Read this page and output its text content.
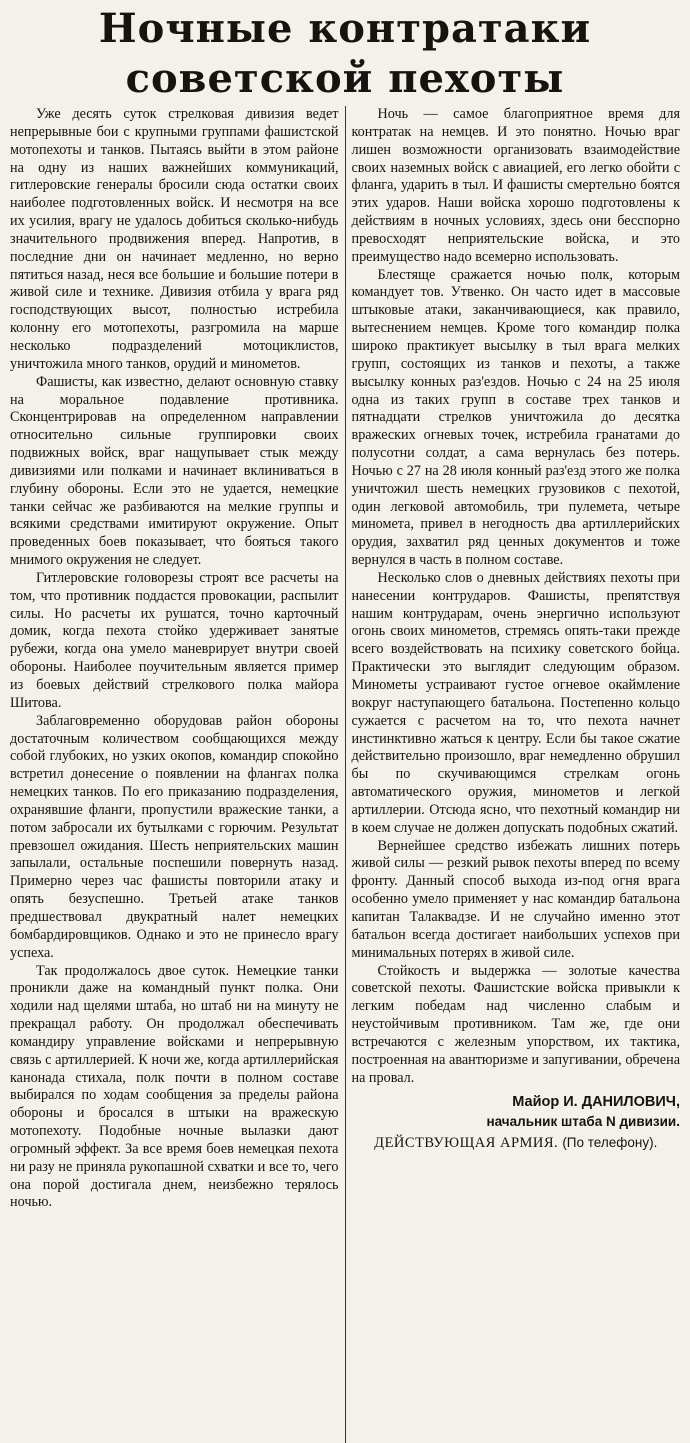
Ночные контратаки
советской пехоты

Уже десять суток стрелковая дивизия ведет непрерывные бои с крупными группами фашистской мотопехоты и танков. Пытаясь выйти в этом районе на одну из наших важнейших коммуникаций, гитлеровские генералы бросили сюда остатки своих наиболее подготовленных войск. И несмотря на все их усилия, врагу не удалось добиться сколько-нибудь значительного продвижения вперед. Напротив, в последние дни он начинает медленно, но верно пятиться назад, неся все большие и большие потери в живой силе и технике. Дивизия отбила у врага ряд господствующих высот, полностью истребила колонну его мотопехоты, разгромила на марше несколько подразделений мотоциклистов, уничтожила много танков, орудий и минометов.

Фашисты, как известно, делают основную ставку на моральное подавление противника. Сконцентрировав на определенном направлении относительно сильные группировки своих подвижных войск, враг нащупывает стык между дивизиями или полками и начинает вклиниваться в глубину обороны. Если это не удается, немецкие танки сейчас же разбиваются на мелкие группы и всякими средствами имитируют окружение. Опыт проведенных боев показывает, что бояться такого мнимого окружения не следует.

Гитлеровские головорезы строят все расчеты на том, что противник поддастся провокации, распылит силы. Но расчеты их рушатся, точно карточный домик, когда пехота стойко удерживает занятые рубежи, когда она умело маневрирует внутри своей обороны. Наиболее поучительным является пример из боевых действий стрелкового полка майора Шитова.

Заблаговременно оборудовав район обороны достаточным количеством сообщающихся между собой глубоких, но узких окопов, командир спокойно встретил донесение о появлении на флангах полка немецких танков. По его приказанию подразделения, охранявшие фланги, пропустили вражеские танки, а потом забросали их бутылками с горючим. Результат превзошел ожидания. Шесть неприятельских машин запылали, остальные поспешили повернуть назад. Примерно через час фашисты повторили атаку и опять безуспешно. Третьей атаке танков предшествовал двукратный налет немецких бомбардировщиков. Однако и это не принесло врагу успеха.

Так продолжалось двое суток. Немецкие танки проникли даже на командный пункт полка. Они ходили над щелями штаба, но штаб ни на минуту не прекращал работу. Он продолжал обеспечивать командиру управление войсками и непрерывную связь с артиллерией. К ночи же, когда артиллерийская канонада стихала, полк почти в полном составе выбирался по ходам сообщения за пределы района обороны и бросался в штыки на вражескую мотопехоту. Подобные ночные вылазки дают огромный эффект. За все время боев немецкая пехота ни разу не приняла рукопашной схватки и все то, чего она порой достигала днем, неизбежно терялось ночью.

Ночь — самое благоприятное время для контратак на немцев. И это понятно. Ночью враг лишен возможности организовать взаимодействие своих наземных войск с авиацией, его легко обойти с фланга, ударить в тыл. И фашисты смертельно боятся этих ударов. Наши войска хорошо подготовлены к действиям в ночных условиях, здесь они бесспорно превосходят неприятельские войска, и это преимущество надо всемерно использовать.

Блестяще сражается ночью полк, которым командует тов. Утвенко. Он часто идет в массовые штыковые атаки, заканчивающиеся, как правило, вытеснением немцев. Кроме того командир полка широко практикует высылку в тыл врага мелких групп, состоящих из танков и пехоты, а также высылку конных раз'ездов. Ночью с 24 на 25 июля одна из таких групп в составе трех танков и пятнадцати стрелков уничтожила до десятка вражеских огневых точек, истребила гранатами до полусотни солдат, а сама вернулась без потерь. Ночью с 27 на 28 июля конный раз'езд этого же полка уничтожил шесть немецких грузовиков с пехотой, один легковой автомобиль, три пулемета, четыре миномета, привел в негодность два артиллерийских орудия, захватил ряд ценных документов и тоже вернулся в часть в полном составе.

Несколько слов о дневных действиях пехоты при нанесении контрударов. Фашисты, препятствуя нашим контрударам, очень энергично используют огонь своих минометов, стремясь опять-таки прежде всего воздействовать на психику советского бойца. Практически это выглядит следующим образом. Минометы устраивают густое огневое окаймление вокруг наступающего батальона. Постепенно кольцо сужается с расчетом на то, что пехота начнет инстинктивно жаться к центру. Если бы такое сжатие действительно произошло, враг немедленно обрушил бы по скучивающимся стрелкам огонь автоматического оружия, минометов и легкой артиллерии. Отсюда ясно, что пехотный командир ни в коем случае не должен допускать подобных сжатий.

Вернейшее средство избежать лишних потерь живой силы — резкий рывок пехоты вперед по всему фронту. Данный способ выхода из-под огня врага особенно умело применяет у нас командир батальона капитан Талаквадзе. И не случайно именно этот батальон всегда достигает наибольших успехов при минимальных потерях в живой силе.

Стойкость и выдержка — золотые качества советской пехоты. Фашистские войска привыкли к легким победам над численно слабым и неустойчивым противником. Там же, где они встречаются с железным упорством, их тактика, построенная на авантюризме и запугивании, обречена на провал.

Майор И. ДАНИЛОВИЧ,
начальник штаба N дивизии.
ДЕЙСТВУЮЩАЯ АРМИЯ. (По телефону).
